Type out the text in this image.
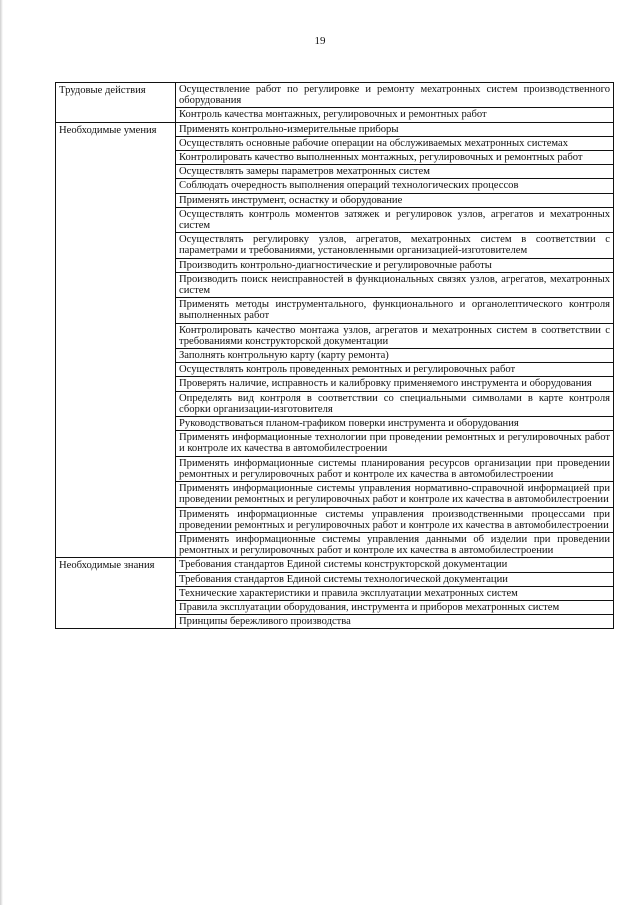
19
Трудовые действия	Осуществление работ по регулировке и ремонту мехатронных систем производственного оборудования
	Контроль качества монтажных, регулировочных и ремонтных работ
Необходимые умения	Применять контрольно-измерительные приборы
	Осуществлять основные рабочие операции на обслуживаемых мехатронных системах
	Контролировать качество выполненных монтажных, регулировочных и ремонтных работ
	Осуществлять замеры параметров мехатронных систем
	Соблюдать очередность выполнения операций технологических процессов
	Применять инструмент, оснастку и оборудование
	Осуществлять контроль моментов затяжек и регулировок узлов, агрегатов и мехатронных систем
	Осуществлять регулировку узлов, агрегатов, мехатронных систем в соответствии с параметрами и требованиями, установленными организацией-изготовителем
	Производить контрольно-диагностические и регулировочные работы
	Производить поиск неисправностей в функциональных связях узлов, агрегатов, мехатронных систем
	Применять методы инструментального, функционального и органолептического контроля выполненных работ
	Контролировать качество монтажа узлов, агрегатов и мехатронных систем в соответствии с требованиями конструкторской документации
	Заполнять контрольную карту (карту ремонта)
	Осуществлять контроль проведенных ремонтных и регулировочных работ
	Проверять наличие, исправность и калибровку применяемого инструмента и оборудования
	Определять вид контроля в соответствии со специальными символами в карте контроля сборки организации-изготовителя
	Руководствоваться планом-графиком поверки инструмента и оборудования
	Применять информационные технологии при проведении ремонтных и регулировочных работ и контроле их качества в автомобилестроении
	Применять информационные системы планирования ресурсов организации при проведении ремонтных и регулировочных работ и контроле их качества в автомобилестроении
	Применять информационные системы управления нормативно-справочной информацией при проведении ремонтных и регулировочных работ и контроле их качества в автомобилестроении
	Применять информационные системы управления производственными процессами при проведении ремонтных и регулировочных работ и контроле их качества в автомобилестроении
	Применять информационные системы управления данными об изделии при проведении ремонтных и регулировочных работ и контроле их качества в автомобилестроении
Необходимые знания	Требования стандартов Единой системы конструкторской документации
	Требования стандартов Единой системы технологической документации
	Технические характеристики и правила эксплуатации мехатронных систем
	Правила эксплуатации оборудования, инструмента и приборов мехатронных систем
	Принципы бережливого производства
